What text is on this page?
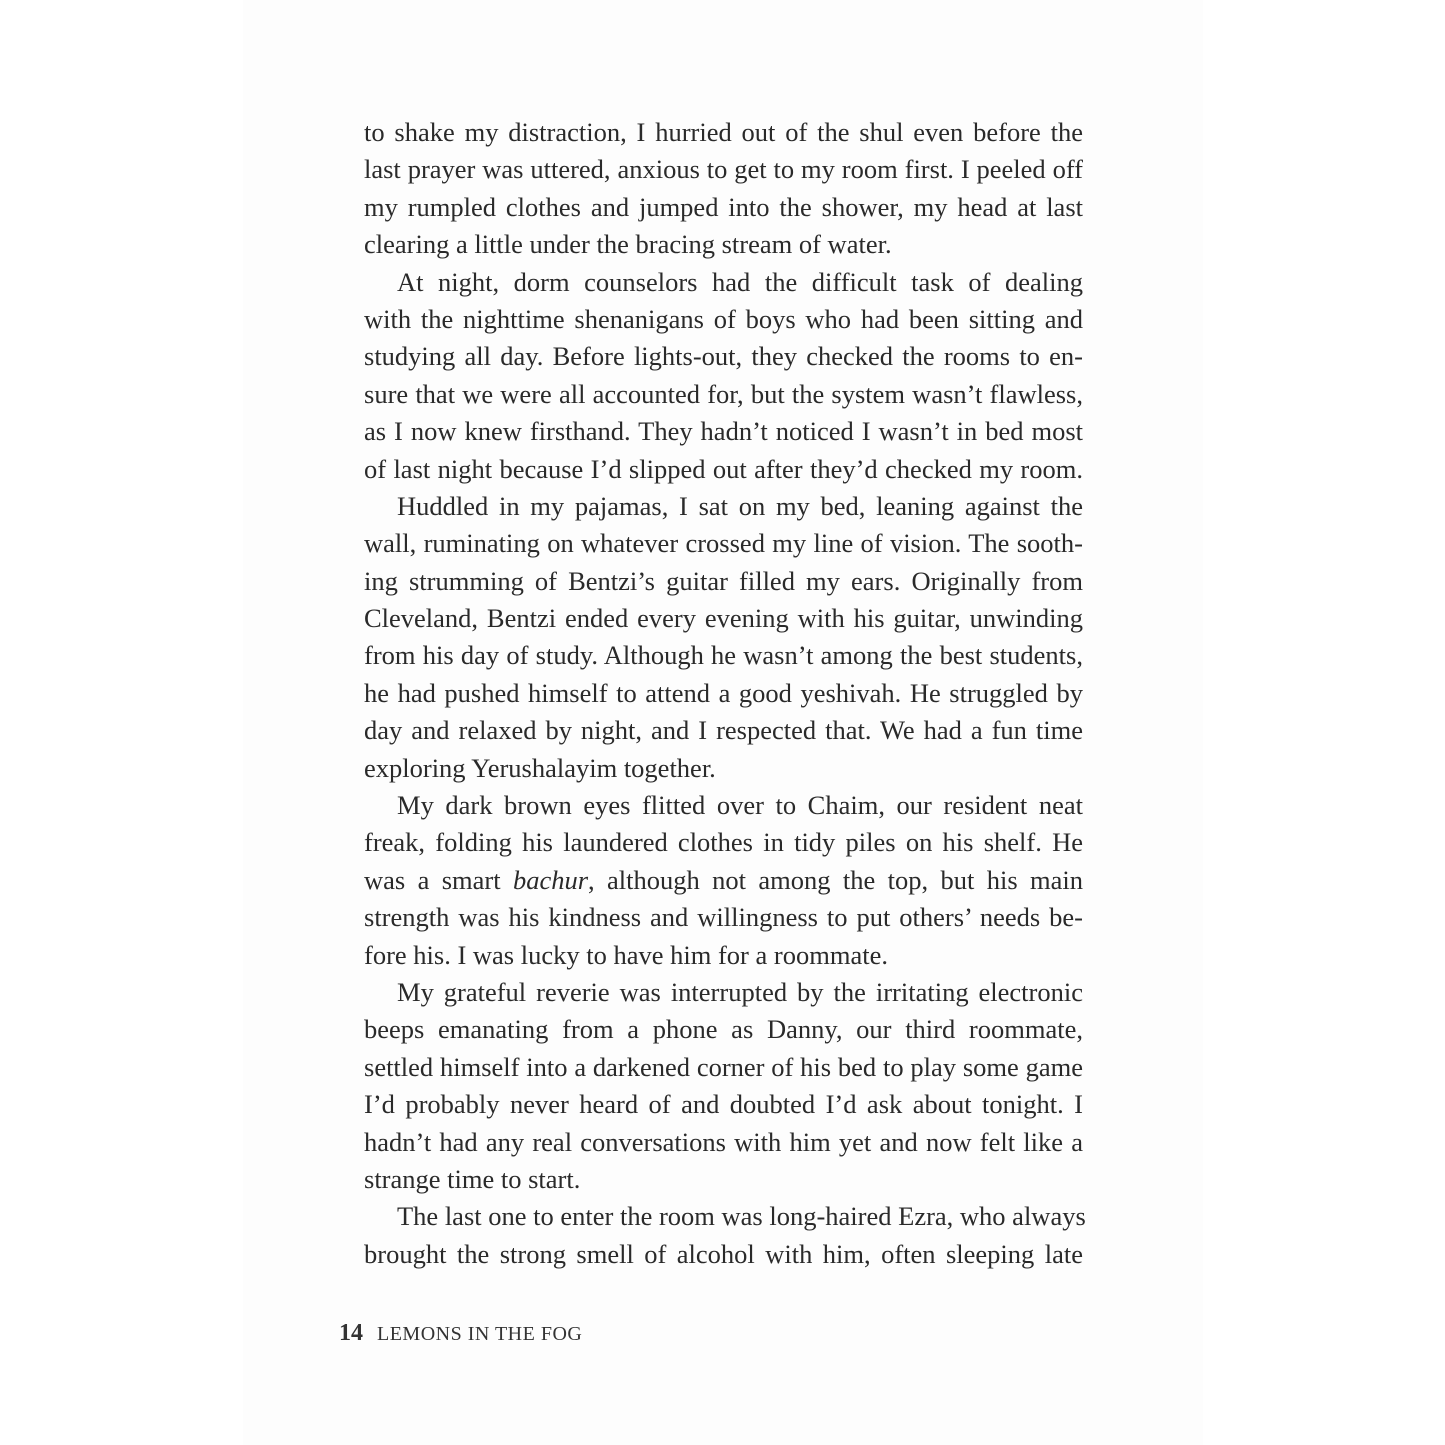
to shake my distraction, I hurried out of the shul even before the
last prayer was uttered, anxious to get to my room first. I peeled off
my rumpled clothes and jumped into the shower, my head at last
clearing a little under the bracing stream of water.
At night, dorm counselors had the difficult task of dealing
with the nighttime shenanigans of boys who had been sitting and
studying all day. Before lights-out, they checked the rooms to en-
sure that we were all accounted for, but the system wasn’t flawless,
as I now knew firsthand. They hadn’t noticed I wasn’t in bed most
of last night because I’d slipped out after they’d checked my room.
Huddled in my pajamas, I sat on my bed, leaning against the
wall, ruminating on whatever crossed my line of vision. The sooth-
ing strumming of Bentzi’s guitar filled my ears. Originally from
Cleveland, Bentzi ended every evening with his guitar, unwinding
from his day of study. Although he wasn’t among the best students,
he had pushed himself to attend a good yeshivah. He struggled by
day and relaxed by night, and I respected that. We had a fun time
exploring Yerushalayim together.
My dark brown eyes flitted over to Chaim, our resident neat
freak, folding his laundered clothes in tidy piles on his shelf. He
was a smart bachur, although not among the top, but his main
strength was his kindness and willingness to put others’ needs be-
fore his. I was lucky to have him for a roommate.
My grateful reverie was interrupted by the irritating electronic
beeps emanating from a phone as Danny, our third roommate,
settled himself into a darkened corner of his bed to play some game
I’d probably never heard of and doubted I’d ask about tonight. I
hadn’t had any real conversations with him yet and now felt like a
strange time to start.
The last one to enter the room was long-haired Ezra, who always
brought the strong smell of alcohol with him, often sleeping late
14 LEMONS IN THE FOG
